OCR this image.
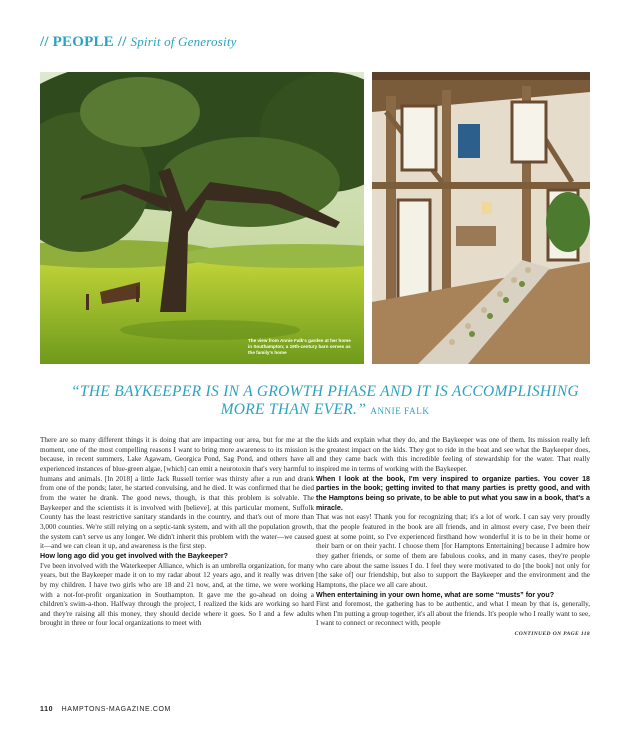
// PEOPLE // Spirit of Generosity
The view from Annie Falk's garden at her home in Southampton; a 19th-century barn serves as the family's home
“THE BAYKEEPER IS IN A GROWTH PHASE AND IT IS ACCOMPLISHING MORE THAN EVER.” ANNIE FALK

There are so many different things it is doing that are impacting our area, but for me at the moment, one of the most compelling reasons I want to bring more awareness to its mission is because, in recent summers, Lake Agawam, Georgica Pond, Sag Pond, and others have all experienced instances of blue-green algae, [which] can emit a neurotoxin that's very harmful to humans and animals. [In 2018] a little Jack Russell terrier was thirsty after a run and drank from one of the ponds; later, he started convulsing, and he died. It was confirmed that he died from the water he drank. The good news, though, is that this problem is solvable. The Baykeeper and the scientists it is involved with [believe], at this particular moment, Suffolk County has the least restrictive sanitary standards in the country, and that's out of more than 3,000 counties. We're still relying on a septic-tank system, and with all the population growth, the system can't serve us any longer. We didn't inherit this problem with the water—we caused it—and we can clean it up, and awareness is the first step.

How long ago did you get involved with the Baykeeper?

I've been involved with the Waterkeeper Alliance, which is an umbrella organization, for many years, but the Baykeeper made it on to my radar about 12 years ago, and it really was driven by my children. I have two girls who are 18 and 21 now, and, at the time, we were working with a not-for-profit organization in Southampton. It gave me the go-ahead on doing a children's swim-a-thon. Halfway through the project, I realized the kids are working so hard and they're raising all this money, they should decide where it goes. So I and a few adults brought in three or four local organizations to meet with

the kids and explain what they do, and the Baykeeper was one of them. Its mission really left the greatest impact on the kids. They got to ride in the boat and see what the Baykeeper does, and they came back with this incredible feeling of stewardship for the water. That really inspired me in terms of working with the Baykeeper.

When I look at the book, I'm very inspired to organize parties. You cover 18 parties in the book; getting invited to that many parties is pretty good, and with the Hamptons being so private, to be able to put what you saw in a book, that's a miracle.

That was not easy! Thank you for recognizing that; it's a lot of work. I can say very proudly that the people featured in the book are all friends, and in almost every case, I've been their guest at some point, so I've experienced firsthand how wonderful it is to be in their home or their barn or on their yacht. I choose them [for Hamptons Entertaining] because I admire how they gather friends, or some of them are fabulous cooks, and in many cases, they're people who care about the same issues I do. I feel they were motivated to do [the book] not only for [the sake of] our friendship, but also to support the Baykeeper and the environment and the Hamptons, the place we all care about.

When entertaining in your own home, what are some “musts” for you?

First and foremost, the gathering has to be authentic, and what I mean by that is, generally, when I'm putting a group together, it's all about the friends. It's people who I really want to see, I want to connect or reconnect with, people

CONTINUED ON PAGE 118
110 HAMPTONS-MAGAZINE.COM
